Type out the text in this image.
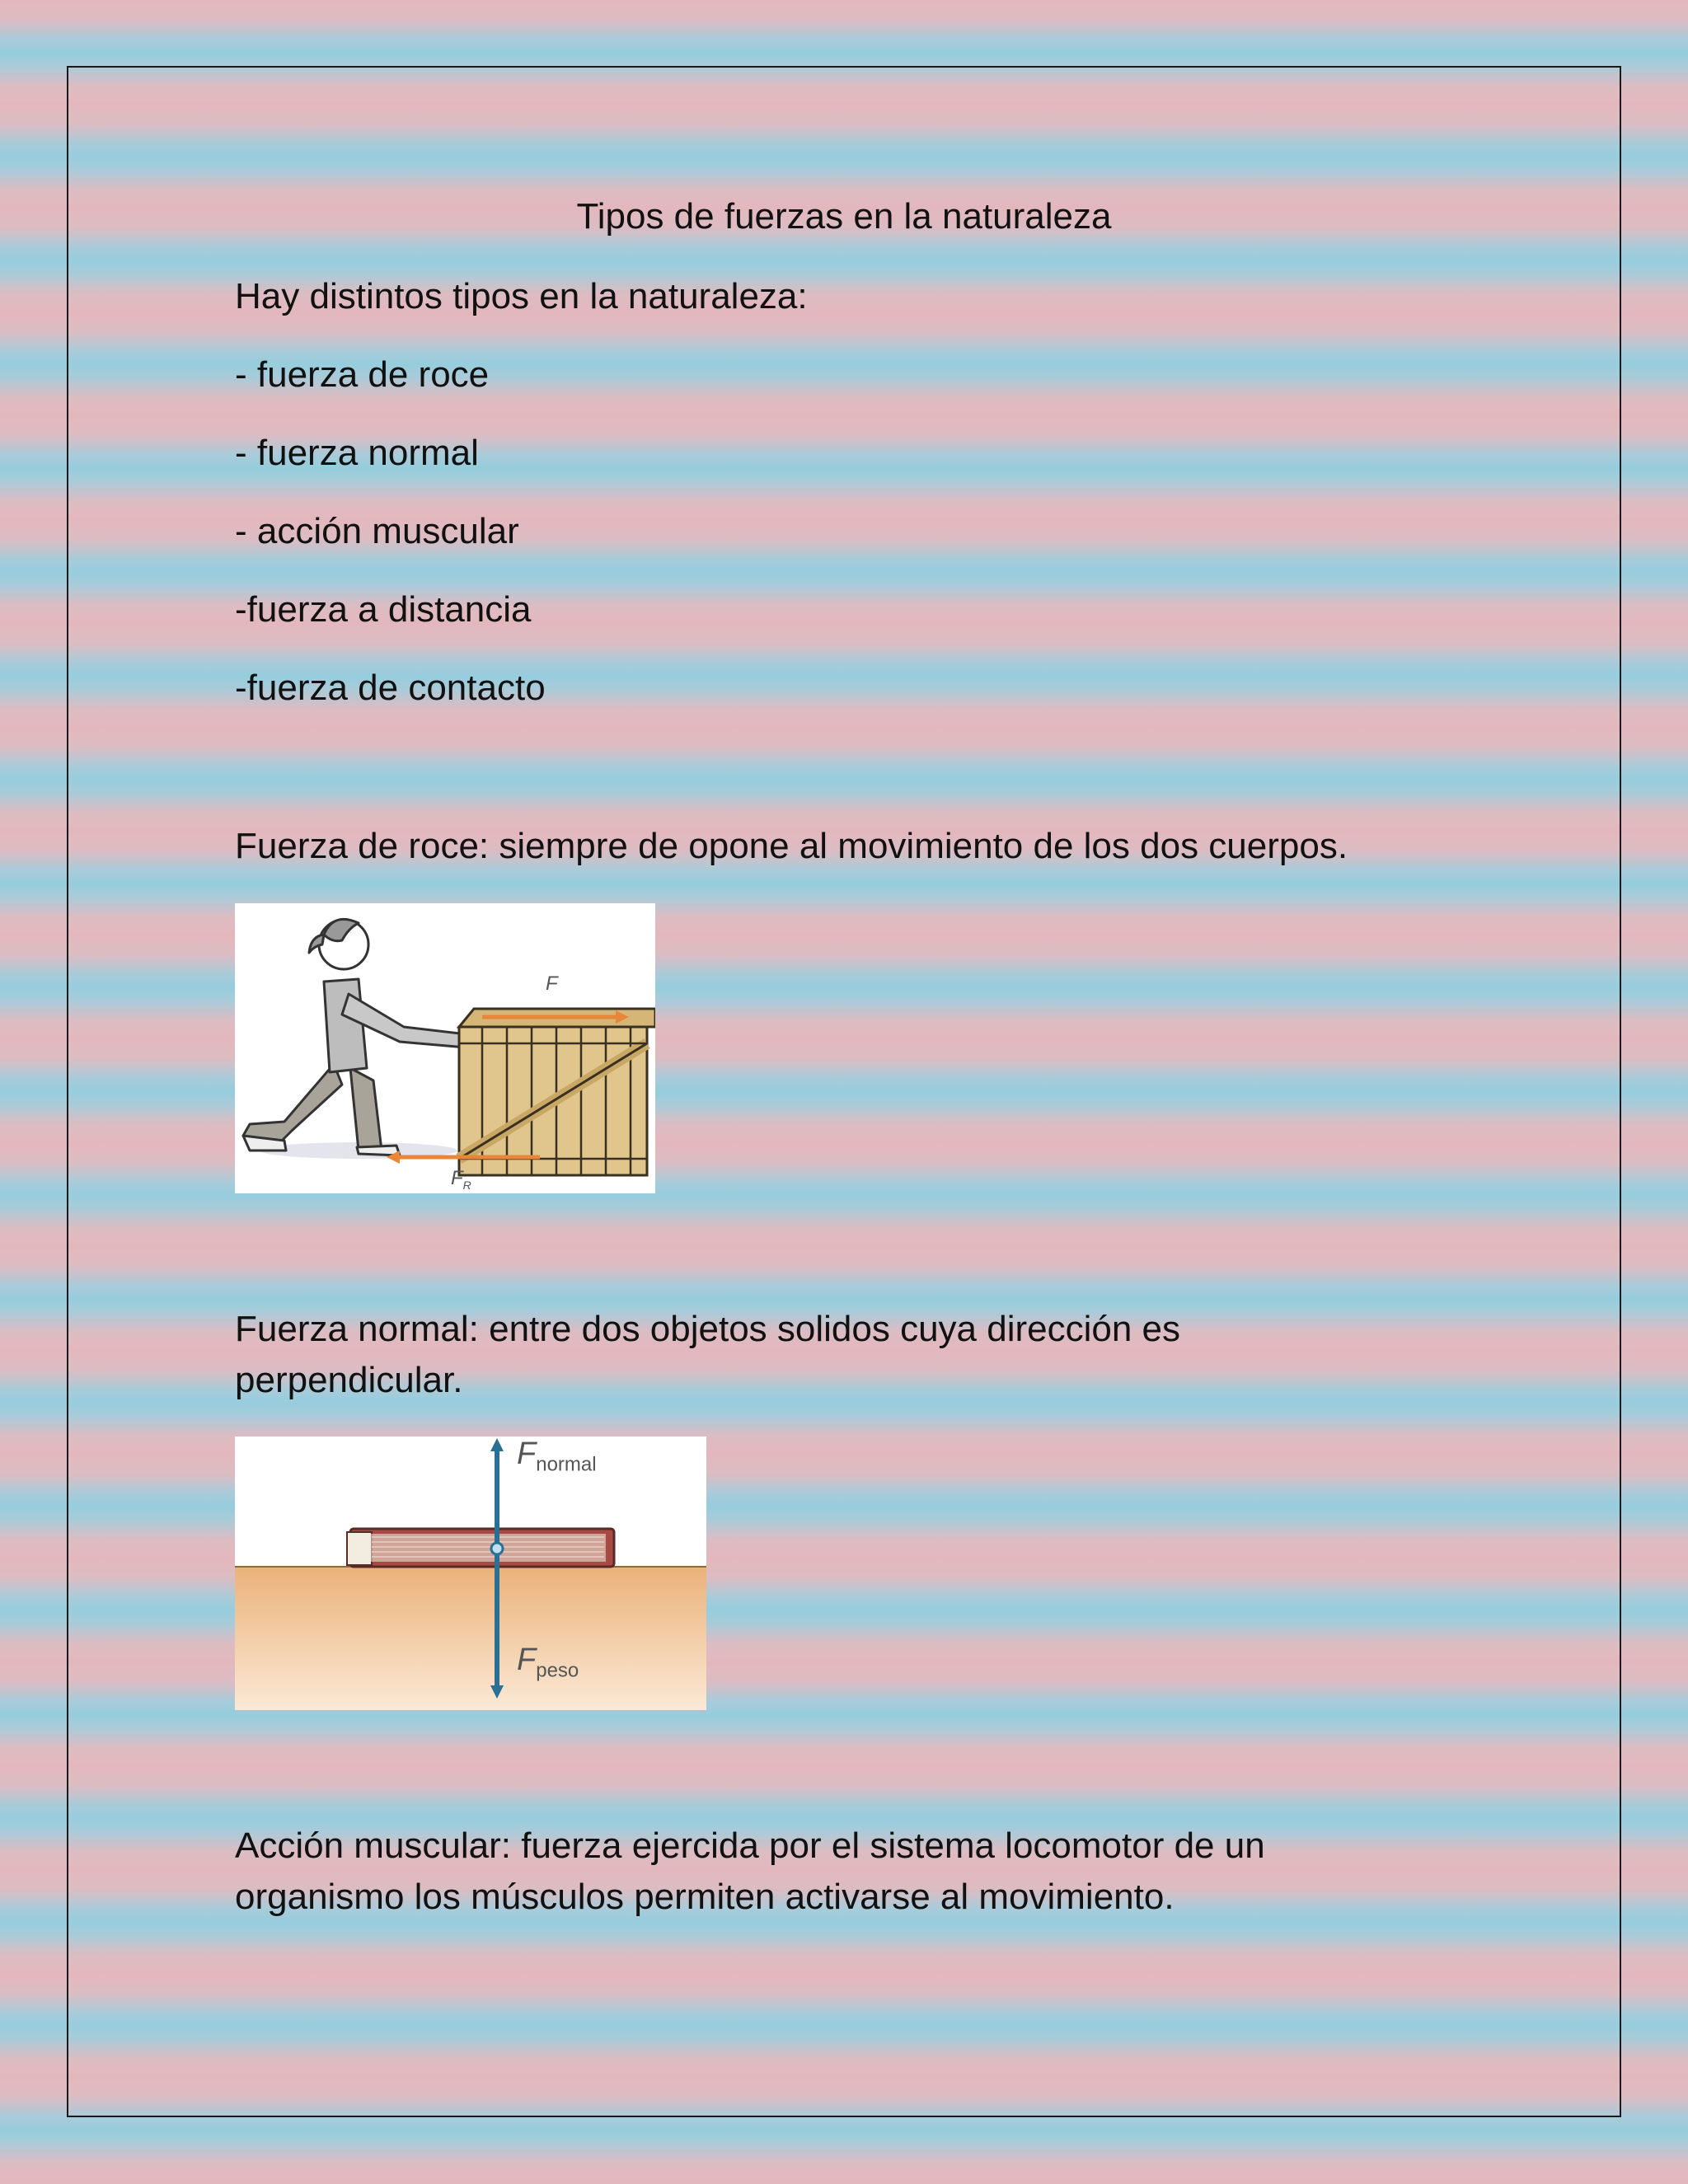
Tipos de fuerzas en la naturaleza
Hay distintos tipos en la naturaleza:
- fuerza de roce
- fuerza normal
- acción muscular
-fuerza a distancia
-fuerza de contacto
Fuerza de roce: siempre de opone al movimiento de los dos cuerpos.
F
$F_R$
Fuerza normal: entre dos objetos solidos cuya dirección es
perpendicular.
$F_{normal}$
$F_{peso}$
Acción muscular: fuerza ejercida por el sistema locomotor de un
organismo los músculos permiten activarse al movimiento.
